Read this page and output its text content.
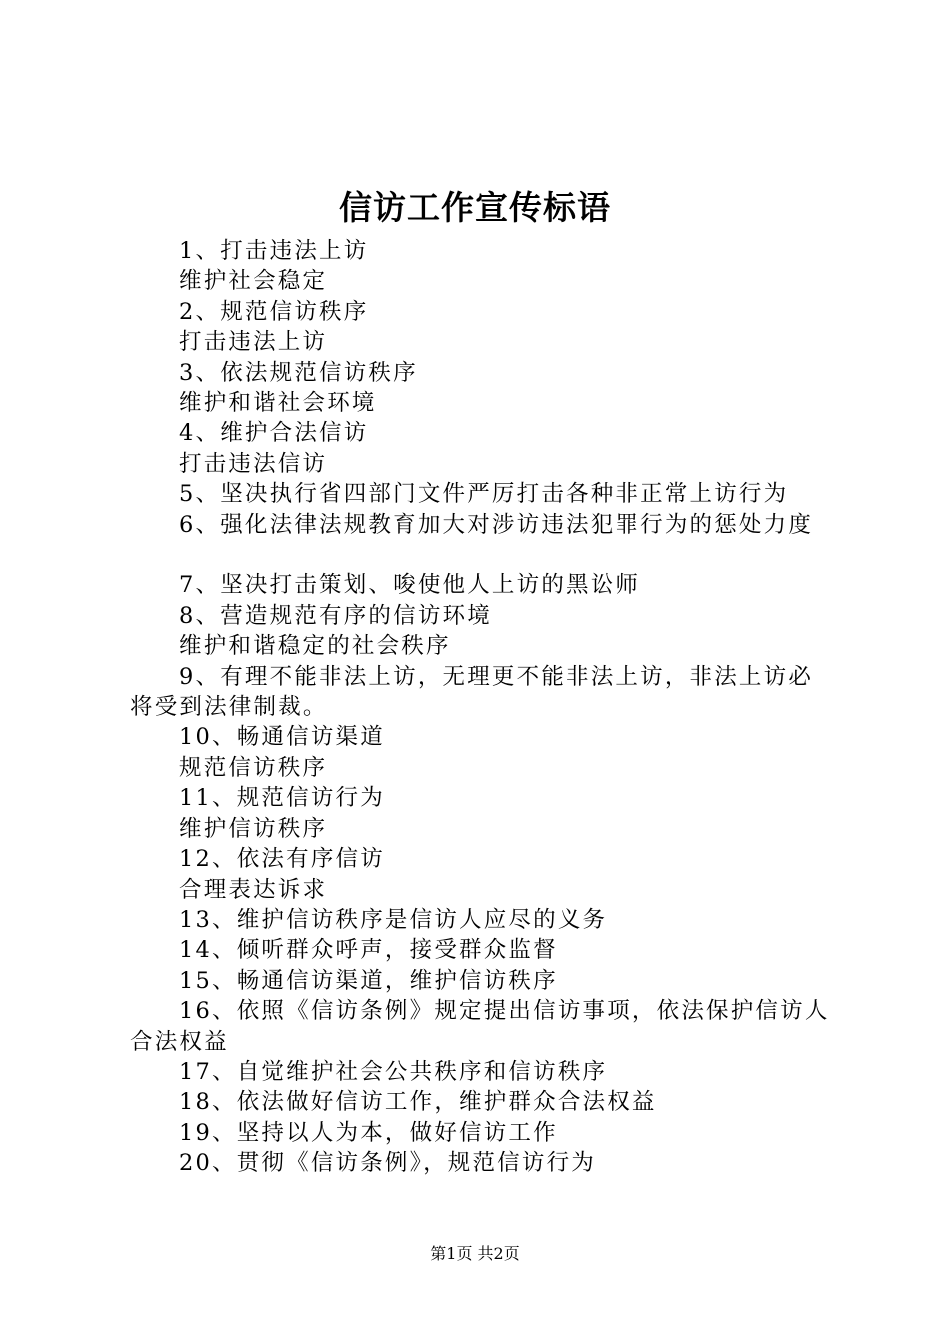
信访工作宣传标语
1、打击违法上访
维护社会稳定
2、规范信访秩序
打击违法上访
3、依法规范信访秩序
维护和谐社会环境
4、维护合法信访
打击违法信访
5、坚决执行省四部门文件严厉打击各种非正常上访行为
6、强化法律法规教育加大对涉访违法犯罪行为的惩处力度
7、坚决打击策划、唆使他人上访的黑讼师
8、营造规范有序的信访环境
维护和谐稳定的社会秩序
9、有理不能非法上访，无理更不能非法上访，非法上访必将受到法律制裁。
10、畅通信访渠道
规范信访秩序
11、规范信访行为
维护信访秩序
12、依法有序信访
合理表达诉求
13、维护信访秩序是信访人应尽的义务
14、倾听群众呼声，接受群众监督
15、畅通信访渠道，维护信访秩序
16、依照《信访条例》规定提出信访事项，依法保护信访人合法权益
17、自觉维护社会公共秩序和信访秩序
18、依法做好信访工作，维护群众合法权益
19、坚持以人为本，做好信访工作
20、贯彻《信访条例》，规范信访行为
第1页 共2页
